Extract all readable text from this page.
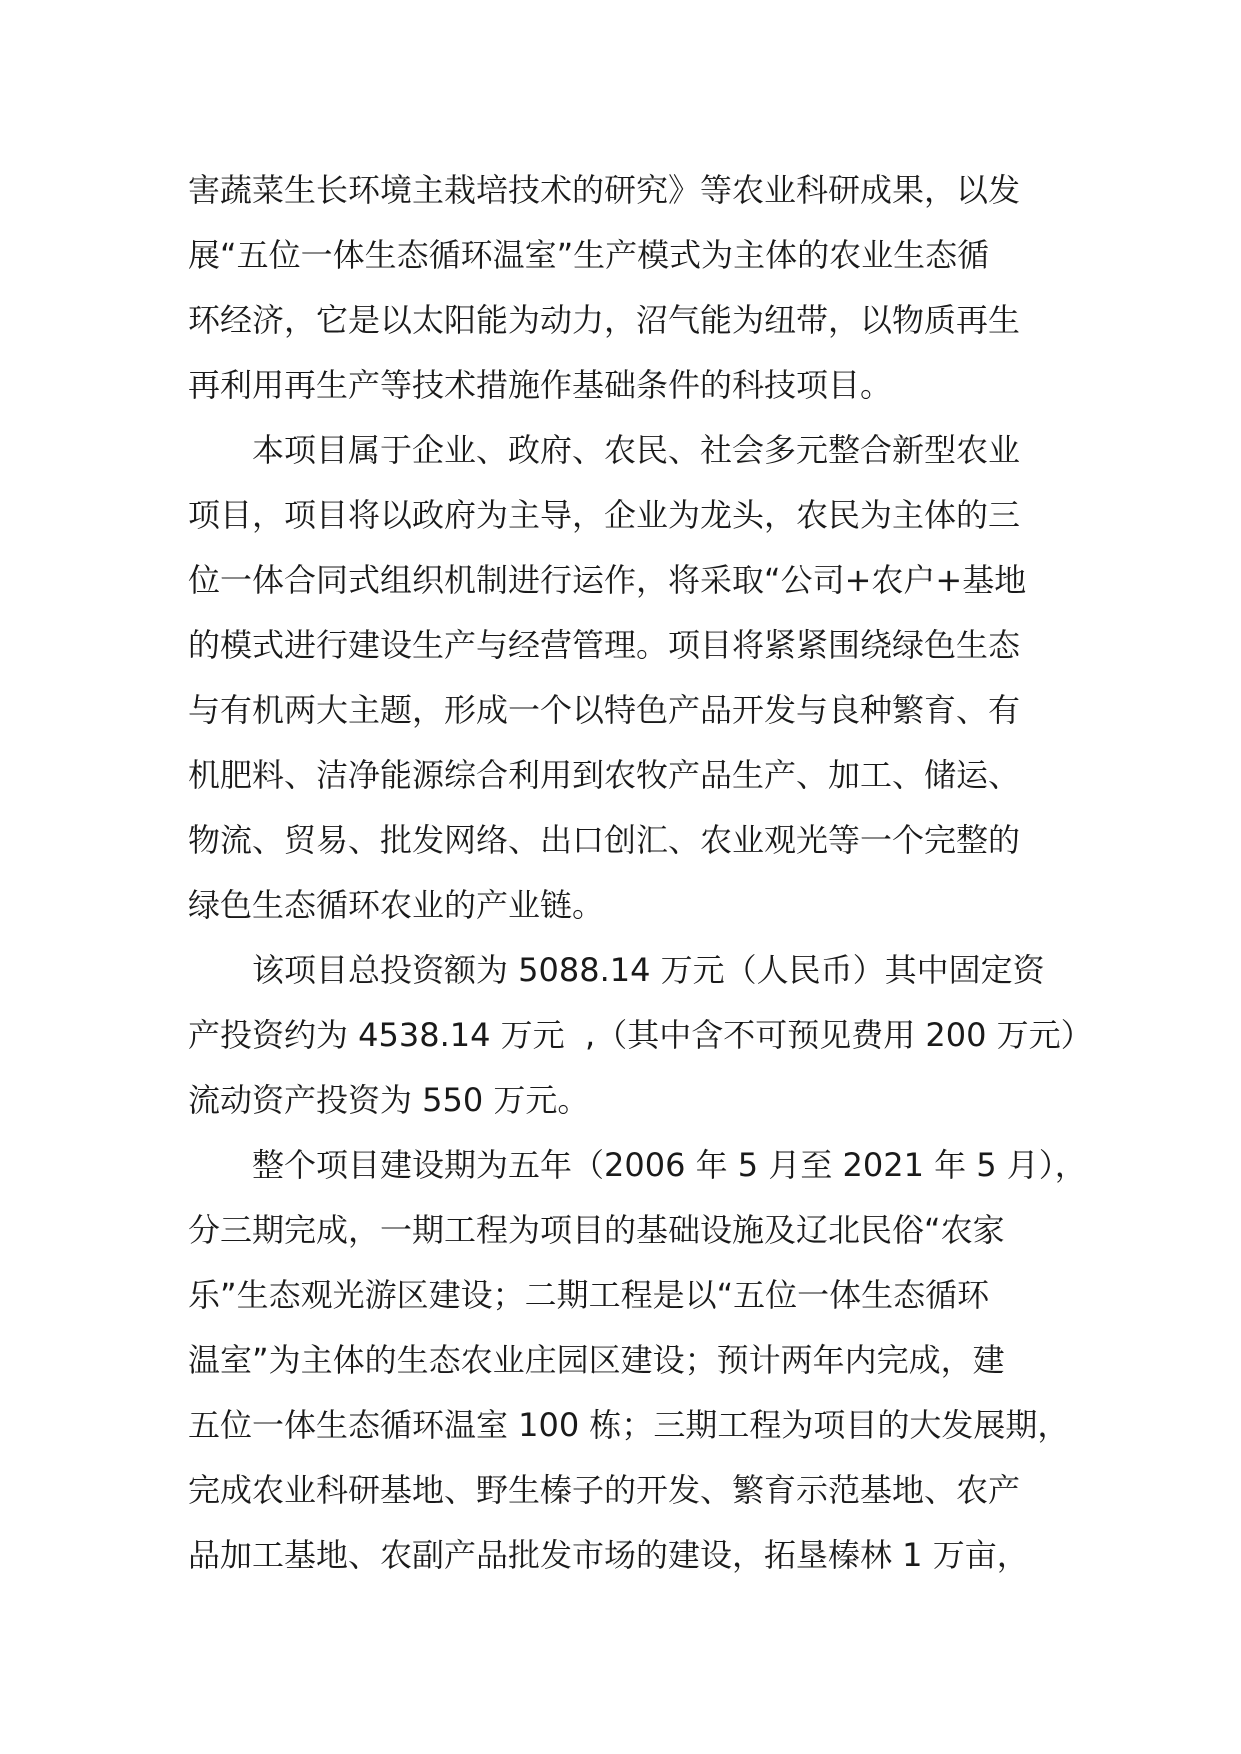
害蔬菜生长环境主栽培技术的研究》等农业科研成果，以发
展“五位一体生态循环温室”生产模式为主体的农业生态循
环经济，它是以太阳能为动力，沼气能为纽带，以物质再生
再利用再生产等技术措施作基础条件的科技项目。
本项目属于企业、政府、农民、社会多元整合新型农业
项目，项目将以政府为主导，企业为龙头，农民为主体的三
位一体合同式组织机制进行运作，将采取“公司+农户+基地
的模式进行建设生产与经营管理。项目将紧紧围绕绿色生态
与有机两大主题，形成一个以特色产品开发与良种繁育、有
机肥料、洁净能源综合利用到农牧产品生产、加工、储运、
物流、贸易、批发网络、出口创汇、农业观光等一个完整的
绿色生态循环农业的产业链。
该项目总投资额为 5088.14 万元（人民币）其中固定资
产投资约为 4538.14 万元  ,（其中含不可预见费用 200 万元）
流动资产投资为 550 万元。
整个项目建设期为五年（2006 年 5 月至 2021 年 5 月），
分三期完成，一期工程为项目的基础设施及辽北民俗“农家
乐”生态观光游区建设；二期工程是以“五位一体生态循环
温室”为主体的生态农业庄园区建设；预计两年内完成，建
五位一体生态循环温室 100 栋；三期工程为项目的大发展期，
完成农业科研基地、野生榛子的开发、繁育示范基地、农产
品加工基地、农副产品批发市场的建设，拓垦榛林 1 万亩，
